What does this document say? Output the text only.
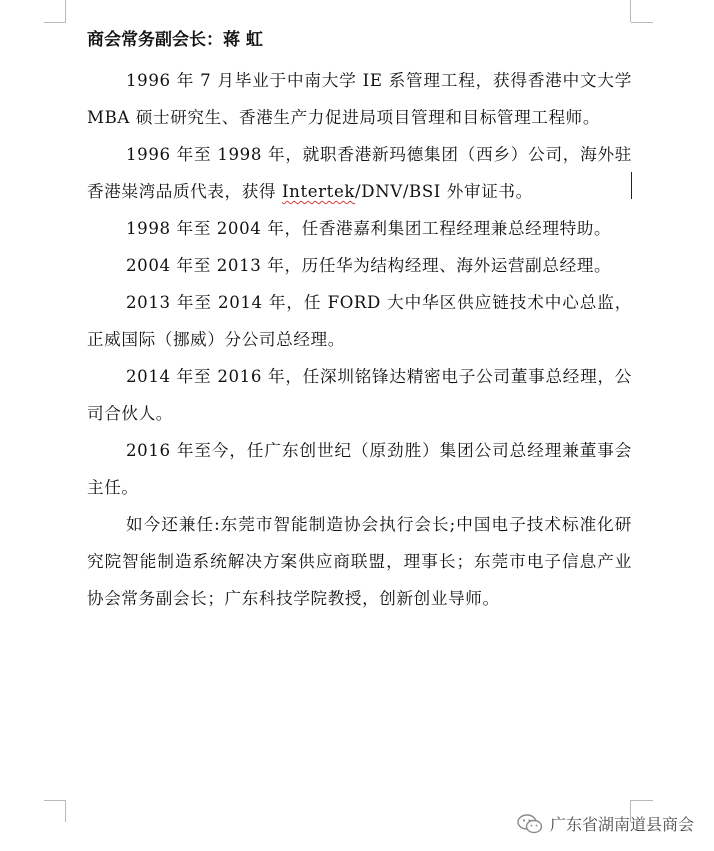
商会常务副会长：蒋 虹

1996 年 7 月毕业于中南大学 IE 系管理工程，获得香港中文大学 MBA 硕士研究生、香港生产力促进局项目管理和目标管理工程师。

1996 年至 1998 年，就职香港新玛德集团（西乡）公司，海外驻香港粜湾品质代表，获得 Intertek/DNV/BSI 外审证书。

1998 年至 2004 年，任香港嘉利集团工程经理兼总经理特助。

2004 年至 2013 年，历任华为结构经理、海外运营副总经理。

2013 年至 2014 年，任 FORD 大中华区供应链技术中心总监，正威国际（挪威）分公司总经理。

2014 年至 2016 年，任深圳铭锋达精密电子公司董事总经理，公司合伙人。

2016 年至今，任广东创世纪（原劲胜）集团公司总经理兼董事会主任。

如今还兼任:东莞市智能制造协会执行会长;中国电子技术标准化研究院智能制造系统解决方案供应商联盟，理事长；东莞市电子信息产业协会常务副会长；广东科技学院教授，创新创业导师。

广东省湖南道县商会
